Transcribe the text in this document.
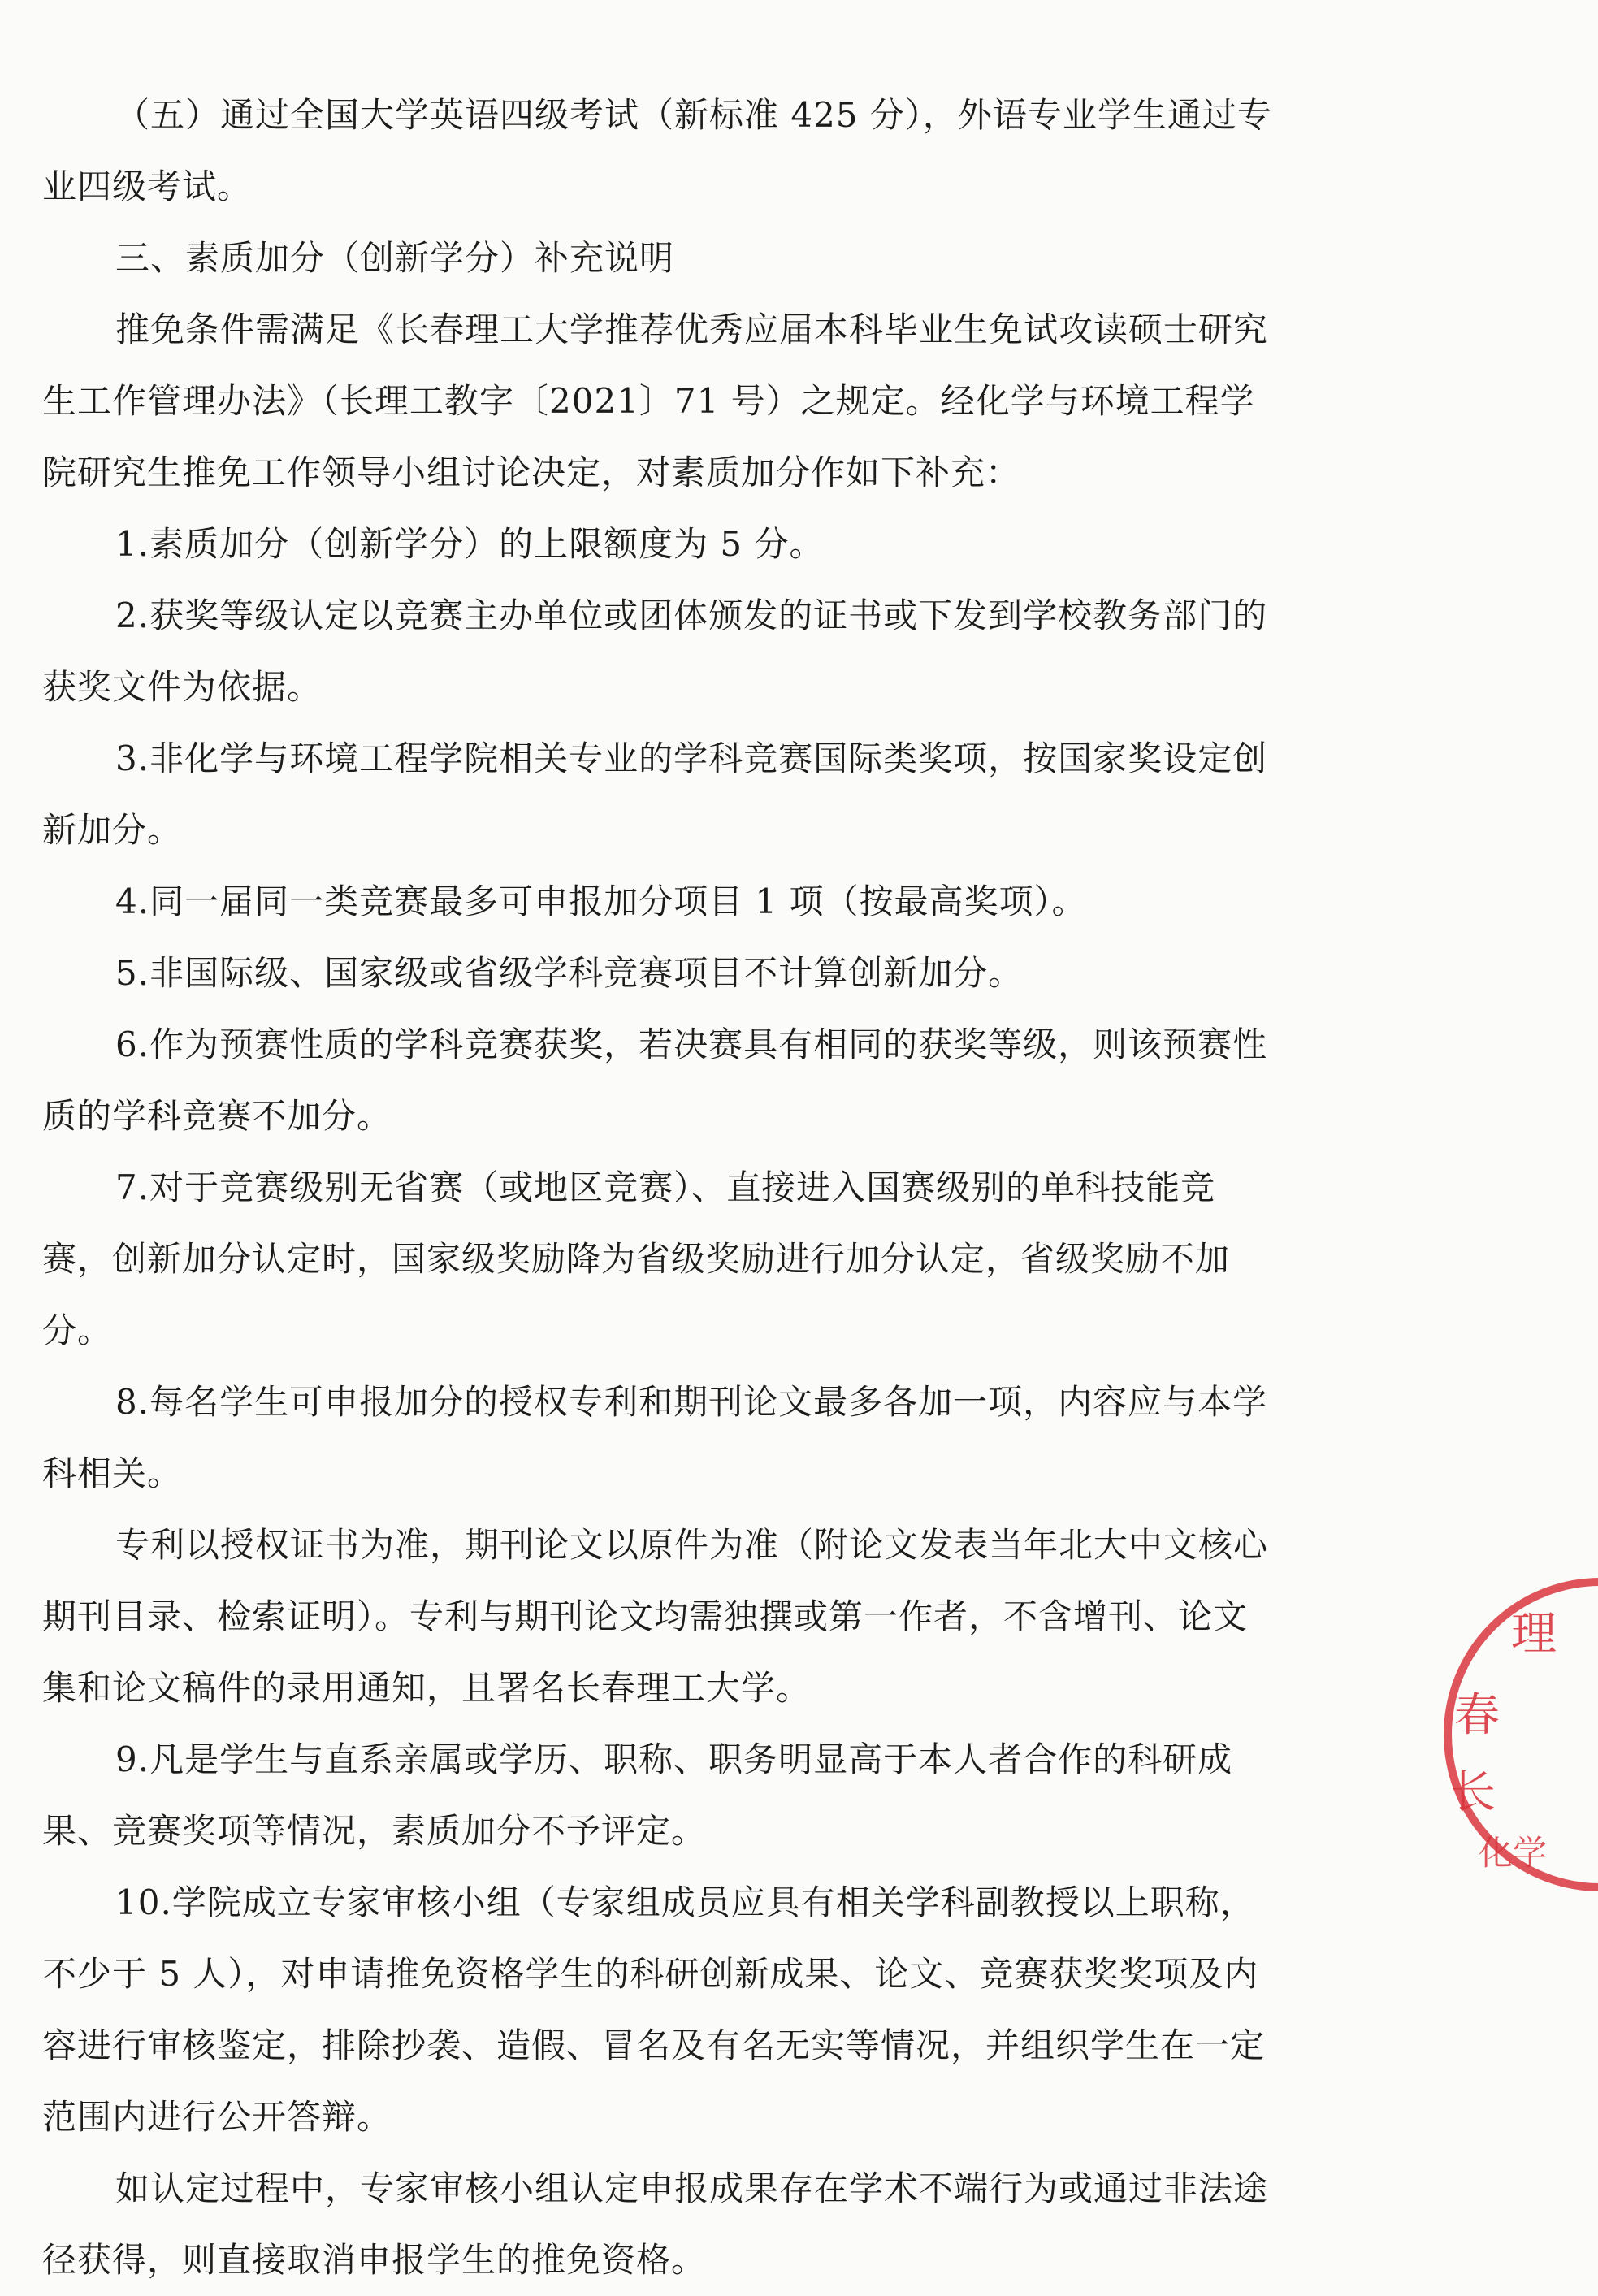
（五）通过全国大学英语四级考试（新标准 425 分），外语专业学生通过专业四级考试。

三、素质加分（创新学分）补充说明

推免条件需满足《长春理工大学推荐优秀应届本科毕业生免试攻读硕士研究生工作管理办法》（长理工教字〔2021〕71 号）之规定。经化学与环境工程学院研究生推免工作领导小组讨论决定，对素质加分作如下补充：

1.素质加分（创新学分）的上限额度为 5 分。

2.获奖等级认定以竞赛主办单位或团体颁发的证书或下发到学校教务部门的获奖文件为依据。

3.非化学与环境工程学院相关专业的学科竞赛国际类奖项，按国家奖设定创新加分。

4.同一届同一类竞赛最多可申报加分项目 1 项（按最高奖项）。

5.非国际级、国家级或省级学科竞赛项目不计算创新加分。

6.作为预赛性质的学科竞赛获奖，若决赛具有相同的获奖等级，则该预赛性质的学科竞赛不加分。

7.对于竞赛级别无省赛（或地区竞赛）、直接进入国赛级别的单科技能竞赛，创新加分认定时，国家级奖励降为省级奖励进行加分认定，省级奖励不加分。

8.每名学生可申报加分的授权专利和期刊论文最多各加一项，内容应与本学科相关。

专利以授权证书为准，期刊论文以原件为准（附论文发表当年北大中文核心期刊目录、检索证明）。专利与期刊论文均需独撰或第一作者，不含增刊、论文集和论文稿件的录用通知，且署名长春理工大学。

9.凡是学生与直系亲属或学历、职称、职务明显高于本人者合作的科研成果、竞赛奖项等情况，素质加分不予评定。

10.学院成立专家审核小组（专家组成员应具有相关学科副教授以上职称，不少于 5 人），对申请推免资格学生的科研创新成果、论文、竞赛获奖奖项及内容进行审核鉴定，排除抄袭、造假、冒名及有名无实等情况，并组织学生在一定范围内进行公开答辩。

如认定过程中，专家审核小组认定申报成果存在学术不端行为或通过非法途径获得，则直接取消申报学生的推免资格。

理
春
长
化学
